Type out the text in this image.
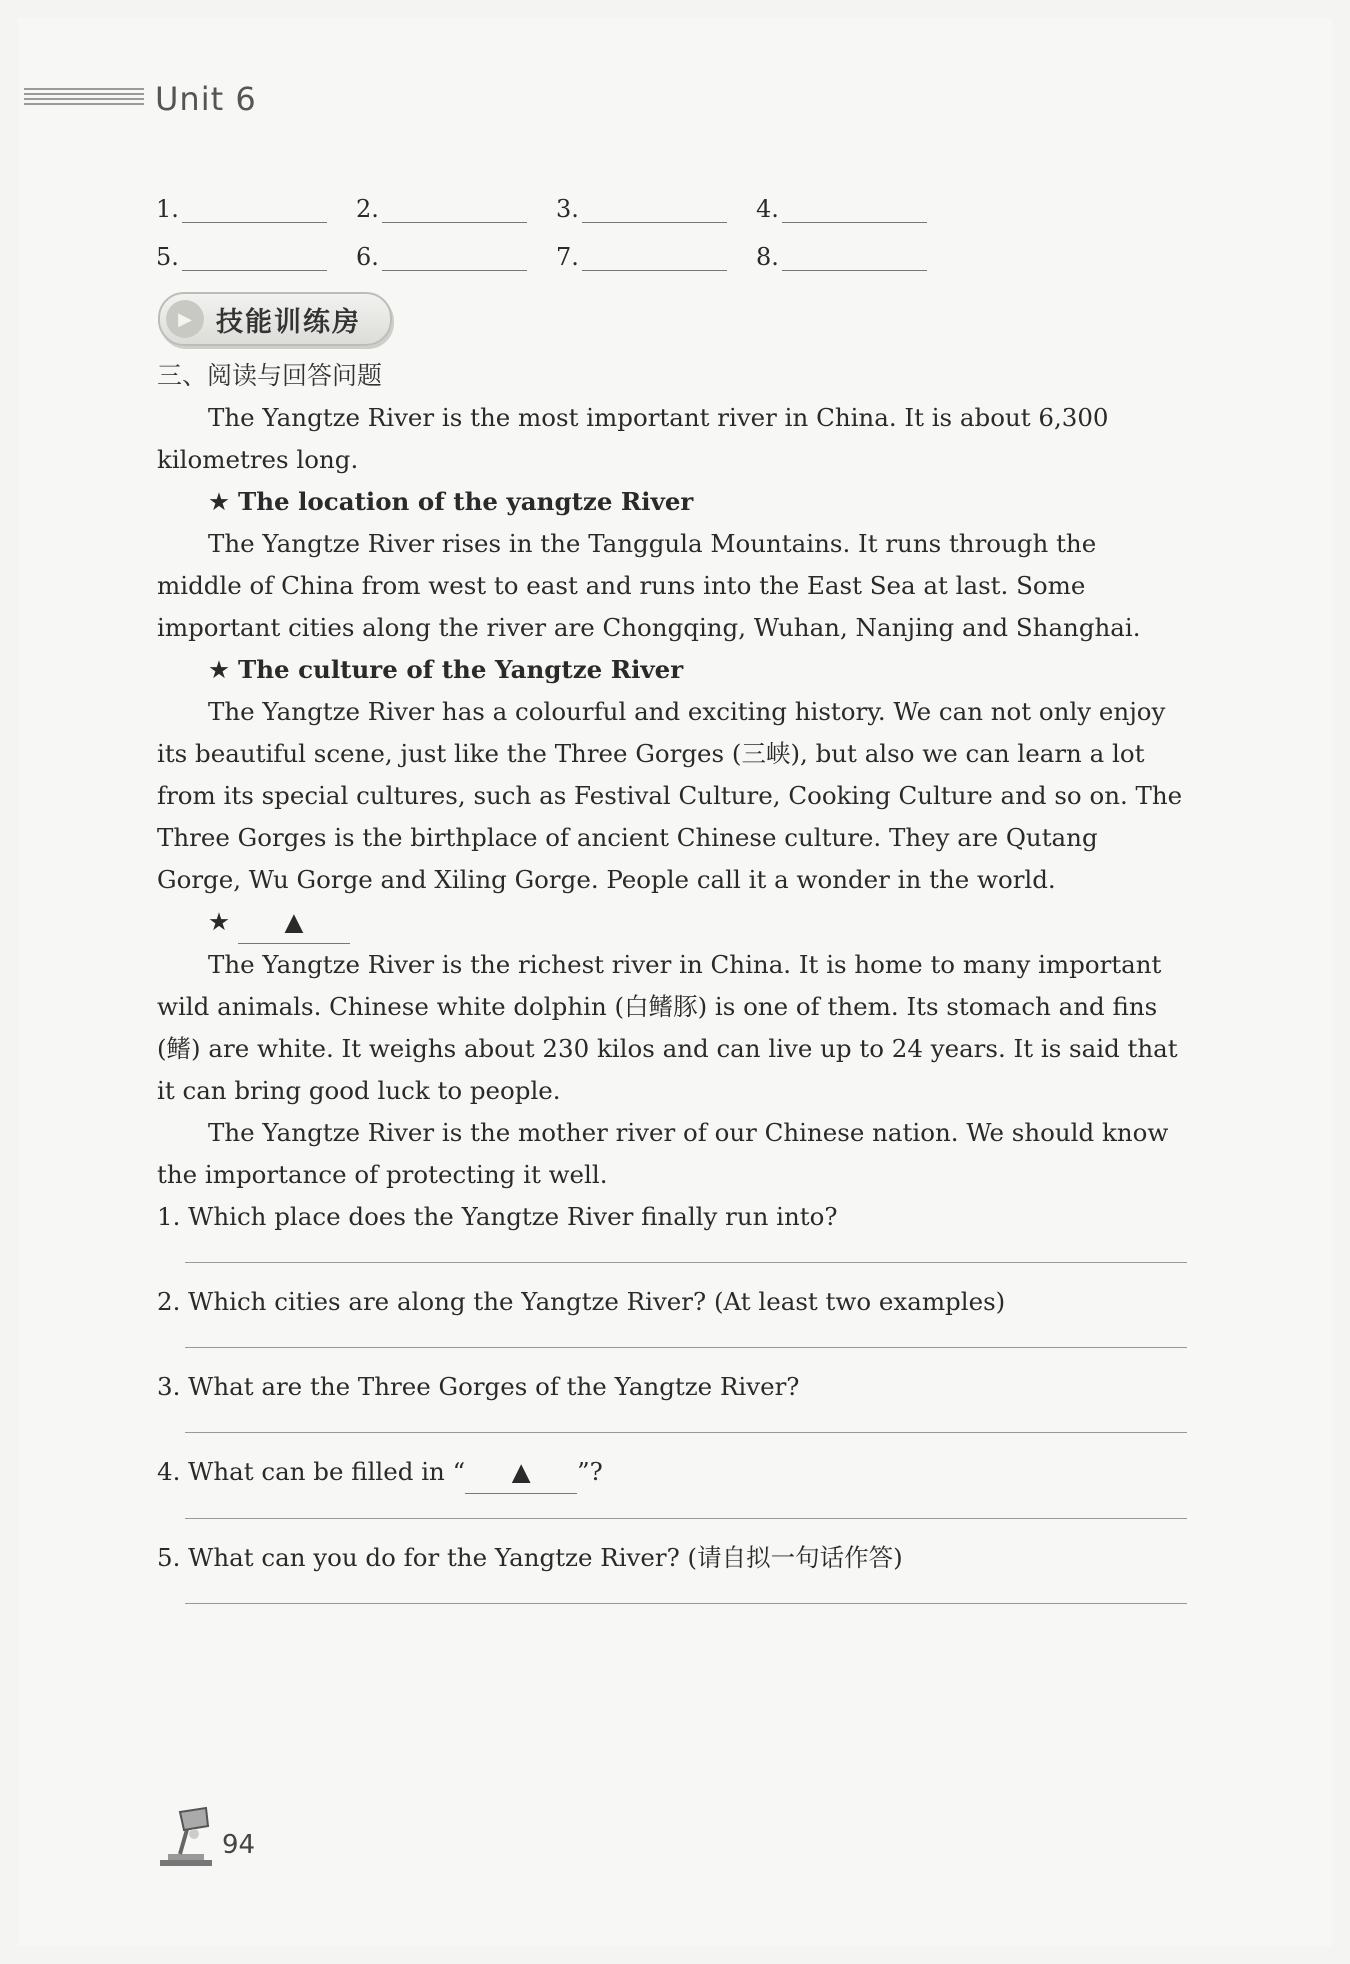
Unit 6
1.	2.	3.	4.
5.	6.	7.	8.
▶ 技能训练房
三、阅读与回答问题

The Yangtze River is the most important river in China. It is about 6,300 kilometres long.

★ The location of the yangtze River

The Yangtze River rises in the Tanggula Mountains. It runs through the middle of China from west to east and runs into the East Sea at last. Some important cities along the river are Chongqing, Wuhan, Nanjing and Shanghai.

★ The culture of the Yangtze River

The Yangtze River has a colourful and exciting history. We can not only enjoy its beautiful scene, just like the Three Gorges (三峡), but also we can learn a lot from its special cultures, such as Festival Culture, Cooking Culture and so on. The Three Gorges is the birthplace of ancient Chinese culture. They are Qutang Gorge, Wu Gorge and Xiling Gorge. People call it a wonder in the world.

★ ▲

The Yangtze River is the richest river in China. It is home to many important wild animals. Chinese white dolphin (白鳍豚) is one of them. Its stomach and fins (鳍) are white. It weighs about 230 kilos and can live up to 24 years. It is said that it can bring good luck to people.

The Yangtze River is the mother river of our Chinese nation. We should know the importance of protecting it well.

1. Which place does the Yangtze River finally run into?
2. Which cities are along the Yangtze River? (At least two examples)
3. What are the Three Gorges of the Yangtze River?
4. What can be filled in “ ▲ ”?
5. What can you do for the Yangtze River? (请自拟一句话作答)
94
